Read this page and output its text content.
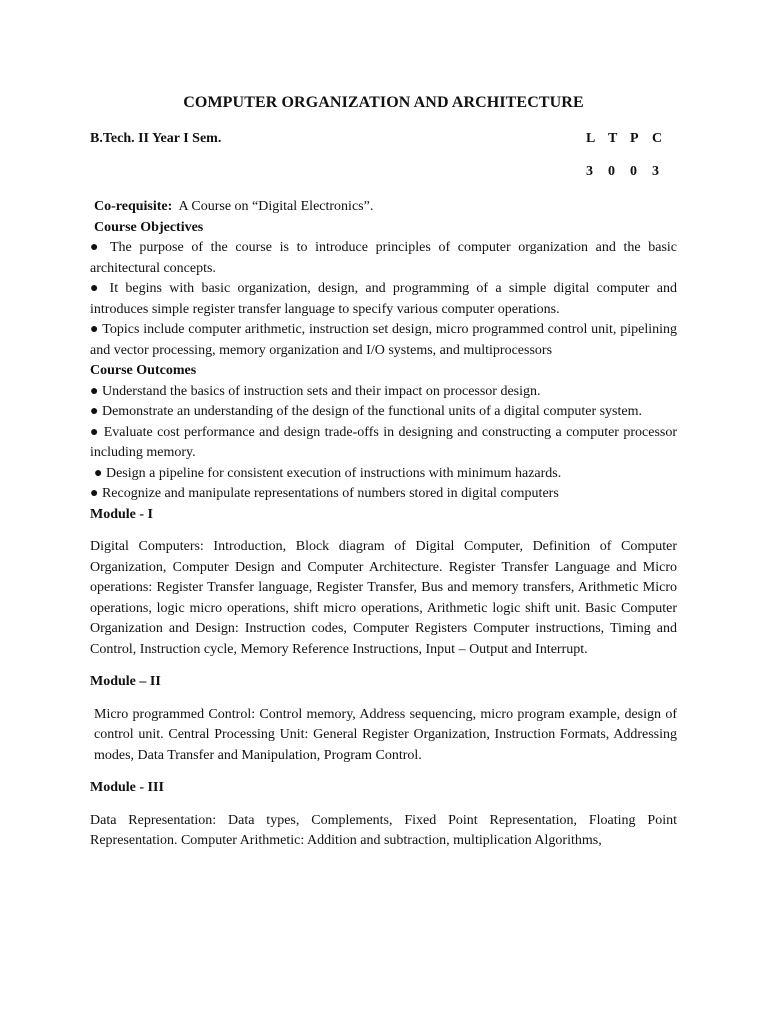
COMPUTER ORGANIZATION AND ARCHITECTURE
B.Tech. II Year I Sem.	L T P C
3	0	0	3

Co-requisite: A Course on “Digital Electronics”.

Course Objectives

● The purpose of the course is to introduce principles of computer organization and the basic architectural concepts.

● It begins with basic organization, design, and programming of a simple digital computer and introduces simple register transfer language to specify various computer operations.

● Topics include computer arithmetic, instruction set design, micro programmed control unit, pipelining and vector processing, memory organization and I/O systems, and multiprocessors

Course Outcomes

● Understand the basics of instruction sets and their impact on processor design.

● Demonstrate an understanding of the design of the functional units of a digital computer system.

● Evaluate cost performance and design trade-offs in designing and constructing a computer processor including memory.

● Design a pipeline for consistent execution of instructions with minimum hazards.

● Recognize and manipulate representations of numbers stored in digital computers

Module - I

Digital Computers: Introduction, Block diagram of Digital Computer, Definition of Computer Organization, Computer Design and Computer Architecture. Register Transfer Language and Micro operations: Register Transfer language, Register Transfer, Bus and memory transfers, Arithmetic Micro operations, logic micro operations, shift micro operations, Arithmetic logic shift unit. Basic Computer Organization and Design: Instruction codes, Computer Registers Computer instructions, Timing and Control, Instruction cycle, Memory Reference Instructions, Input – Output and Interrupt.

Module – II

Micro programmed Control: Control memory, Address sequencing, micro program example, design of control unit. Central Processing Unit: General Register Organization, Instruction Formats, Addressing modes, Data Transfer and Manipulation, Program Control.

Module - III

Data Representation: Data types, Complements, Fixed Point Representation, Floating Point Representation. Computer Arithmetic: Addition and subtraction, multiplication Algorithms,
